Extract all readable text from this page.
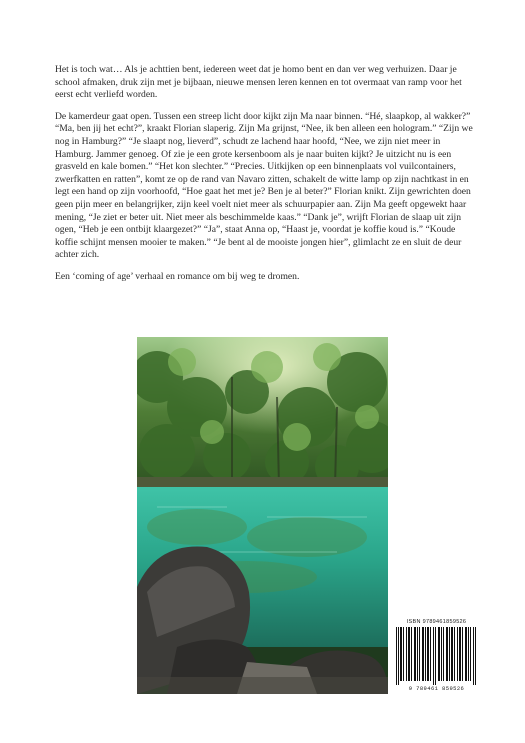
Het is toch wat… Als je achttien bent, iedereen weet dat je homo bent en dan ver weg verhuizen. Daar je school afmaken, druk zijn met je bijbaan, nieuwe mensen leren kennen en tot overmaat van ramp voor het eerst echt verliefd worden.

De kamerdeur gaat open. Tussen een streep licht door kijkt zijn Ma naar binnen. “Hé, slaapkop, al wakker?” “Ma, ben jij het echt?”, kraakt Florian slaperig. Zijn Ma grijnst, “Nee, ik ben alleen een hologram.” “Zijn we nog in Hamburg?” “Je slaapt nog, lieverd”, schudt ze lachend haar hoofd, “Nee, we zijn niet meer in Hamburg. Jammer genoeg. Of zie je een grote kersenboom als je naar buiten kijkt? Je uitzicht nu is een grasveld en kale bomen.” “Het kon slechter.” “Precies. Uitkijken op een binnenplaats vol vuilcontainers, zwerfkatten en ratten”, komt ze op de rand van Navaro zitten, schakelt de witte lamp op zijn nachtkast in en legt een hand op zijn voorhoofd, “Hoe gaat het met je? Ben je al beter?” Florian knikt. Zijn gewrichten doen geen pijn meer en belangrijker, zijn keel voelt niet meer als schuurpapier aan. Zijn Ma geeft opgewekt haar mening, “Je ziet er beter uit. Niet meer als beschimmelde kaas.” “Dank je”, wrijft Florian de slaap uit zijn ogen, “Heb je een ontbijt klaargezet?” “Ja”, staat Anna op, “Haast je, voordat je koffie koud is.” “Koude koffie schijnt mensen mooier te maken.” “Je bent al de mooiste jongen hier”, glimlacht ze en sluit de deur achter zich.

Een ‘coming of age’ verhaal en romance om bij weg te dromen.

ISBN 9789461859526
9 789461 859526
